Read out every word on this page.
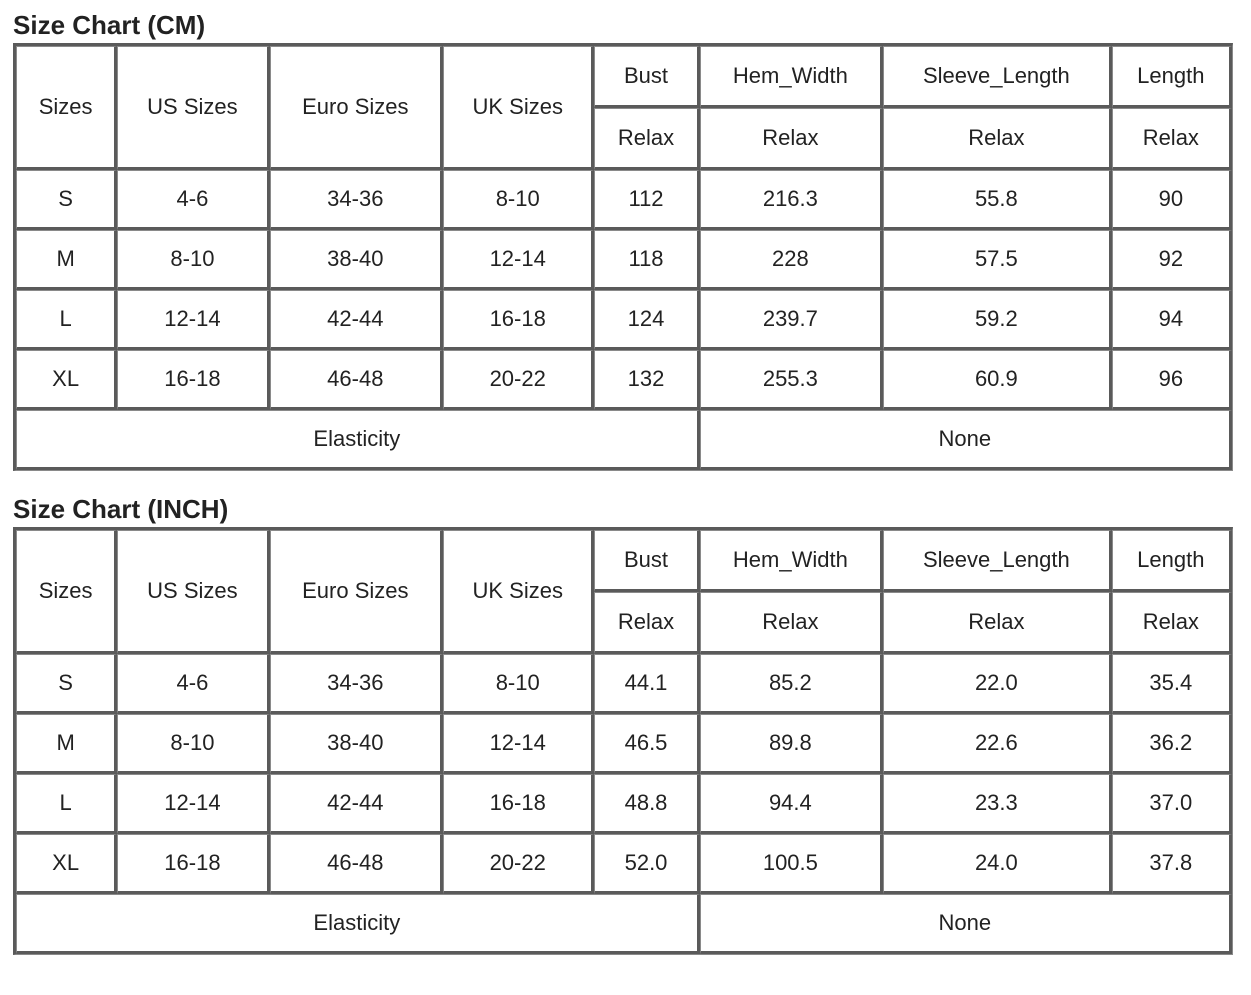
Size Chart (CM)
Sizes	US Sizes	Euro Sizes	UK Sizes	Bust	Hem_Width	Sleeve_Length	Length
				Relax	Relax	Relax	Relax
S	4-6	34-36	8-10	112	216.3	55.8	90
M	8-10	38-40	12-14	118	228	57.5	92
L	12-14	42-44	16-18	124	239.7	59.2	94
XL	16-18	46-48	20-22	132	255.3	60.9	96
Elasticity					None		
Size Chart (INCH)
Sizes	US Sizes	Euro Sizes	UK Sizes	Bust	Hem_Width	Sleeve_Length	Length
				Relax	Relax	Relax	Relax
S	4-6	34-36	8-10	44.1	85.2	22.0	35.4
M	8-10	38-40	12-14	46.5	89.8	22.6	36.2
L	12-14	42-44	16-18	48.8	94.4	23.3	37.0
XL	16-18	46-48	20-22	52.0	100.5	24.0	37.8
Elasticity					None		
